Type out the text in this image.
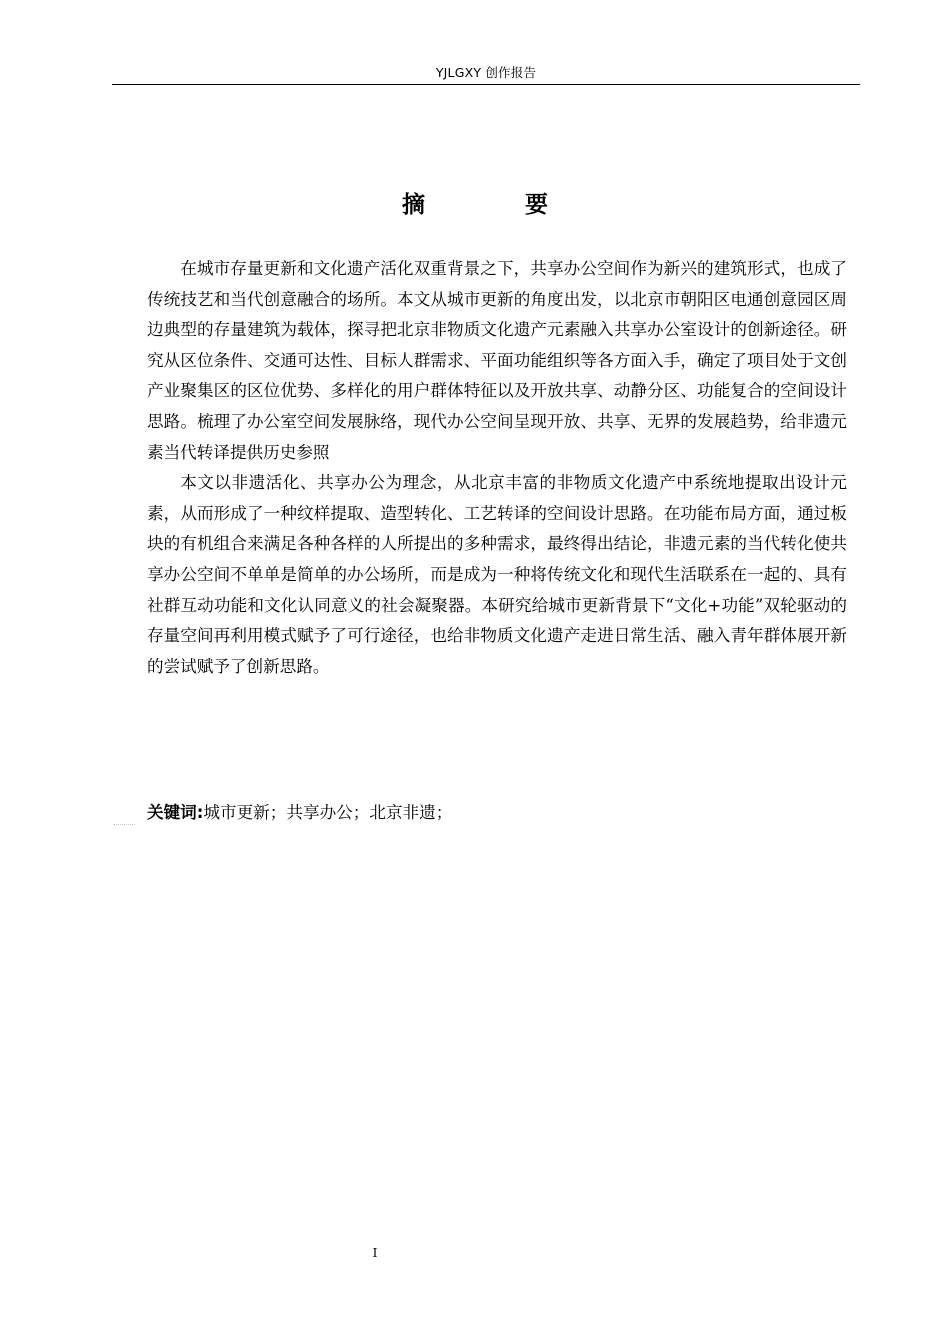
YJLGXY 创作报告
摘 要

在城市存量更新和文化遗产活化双重背景之下，共享办公空间作为新兴的建筑形式，也成了传统技艺和当代创意融合的场所。本文从城市更新的角度出发，以北京市朝阳区电通创意园区周边典型的存量建筑为载体，探寻把北京非物质文化遗产元素融入共享办公室设计的创新途径。研究从区位条件、交通可达性、目标人群需求、平面功能组织等各方面入手，确定了项目处于文创产业聚集区的区位优势、多样化的用户群体特征以及开放共享、动静分区、功能复合的空间设计思路。梳理了办公室空间发展脉络，现代办公空间呈现开放、共享、无界的发展趋势，给非遗元素当代转译提供历史参照

本文以非遗活化、共享办公为理念，从北京丰富的非物质文化遗产中系统地提取出设计元素，从而形成了一种纹样提取、造型转化、工艺转译的空间设计思路。在功能布局方面，通过板块的有机组合来满足各种各样的人所提出的多种需求，最终得出结论，非遗元素的当代转化使共享办公空间不单单是简单的办公场所，而是成为一种将传统文化和现代生活联系在一起的、具有社群互动功能和文化认同意义的社会凝聚器。本研究给城市更新背景下“文化+功能”双轮驱动的存量空间再利用模式赋予了可行途径，也给非物质文化遗产走进日常生活、融入青年群体展开新的尝试赋予了创新思路。

关键词:城市更新；共享办公；北京非遗；
I
